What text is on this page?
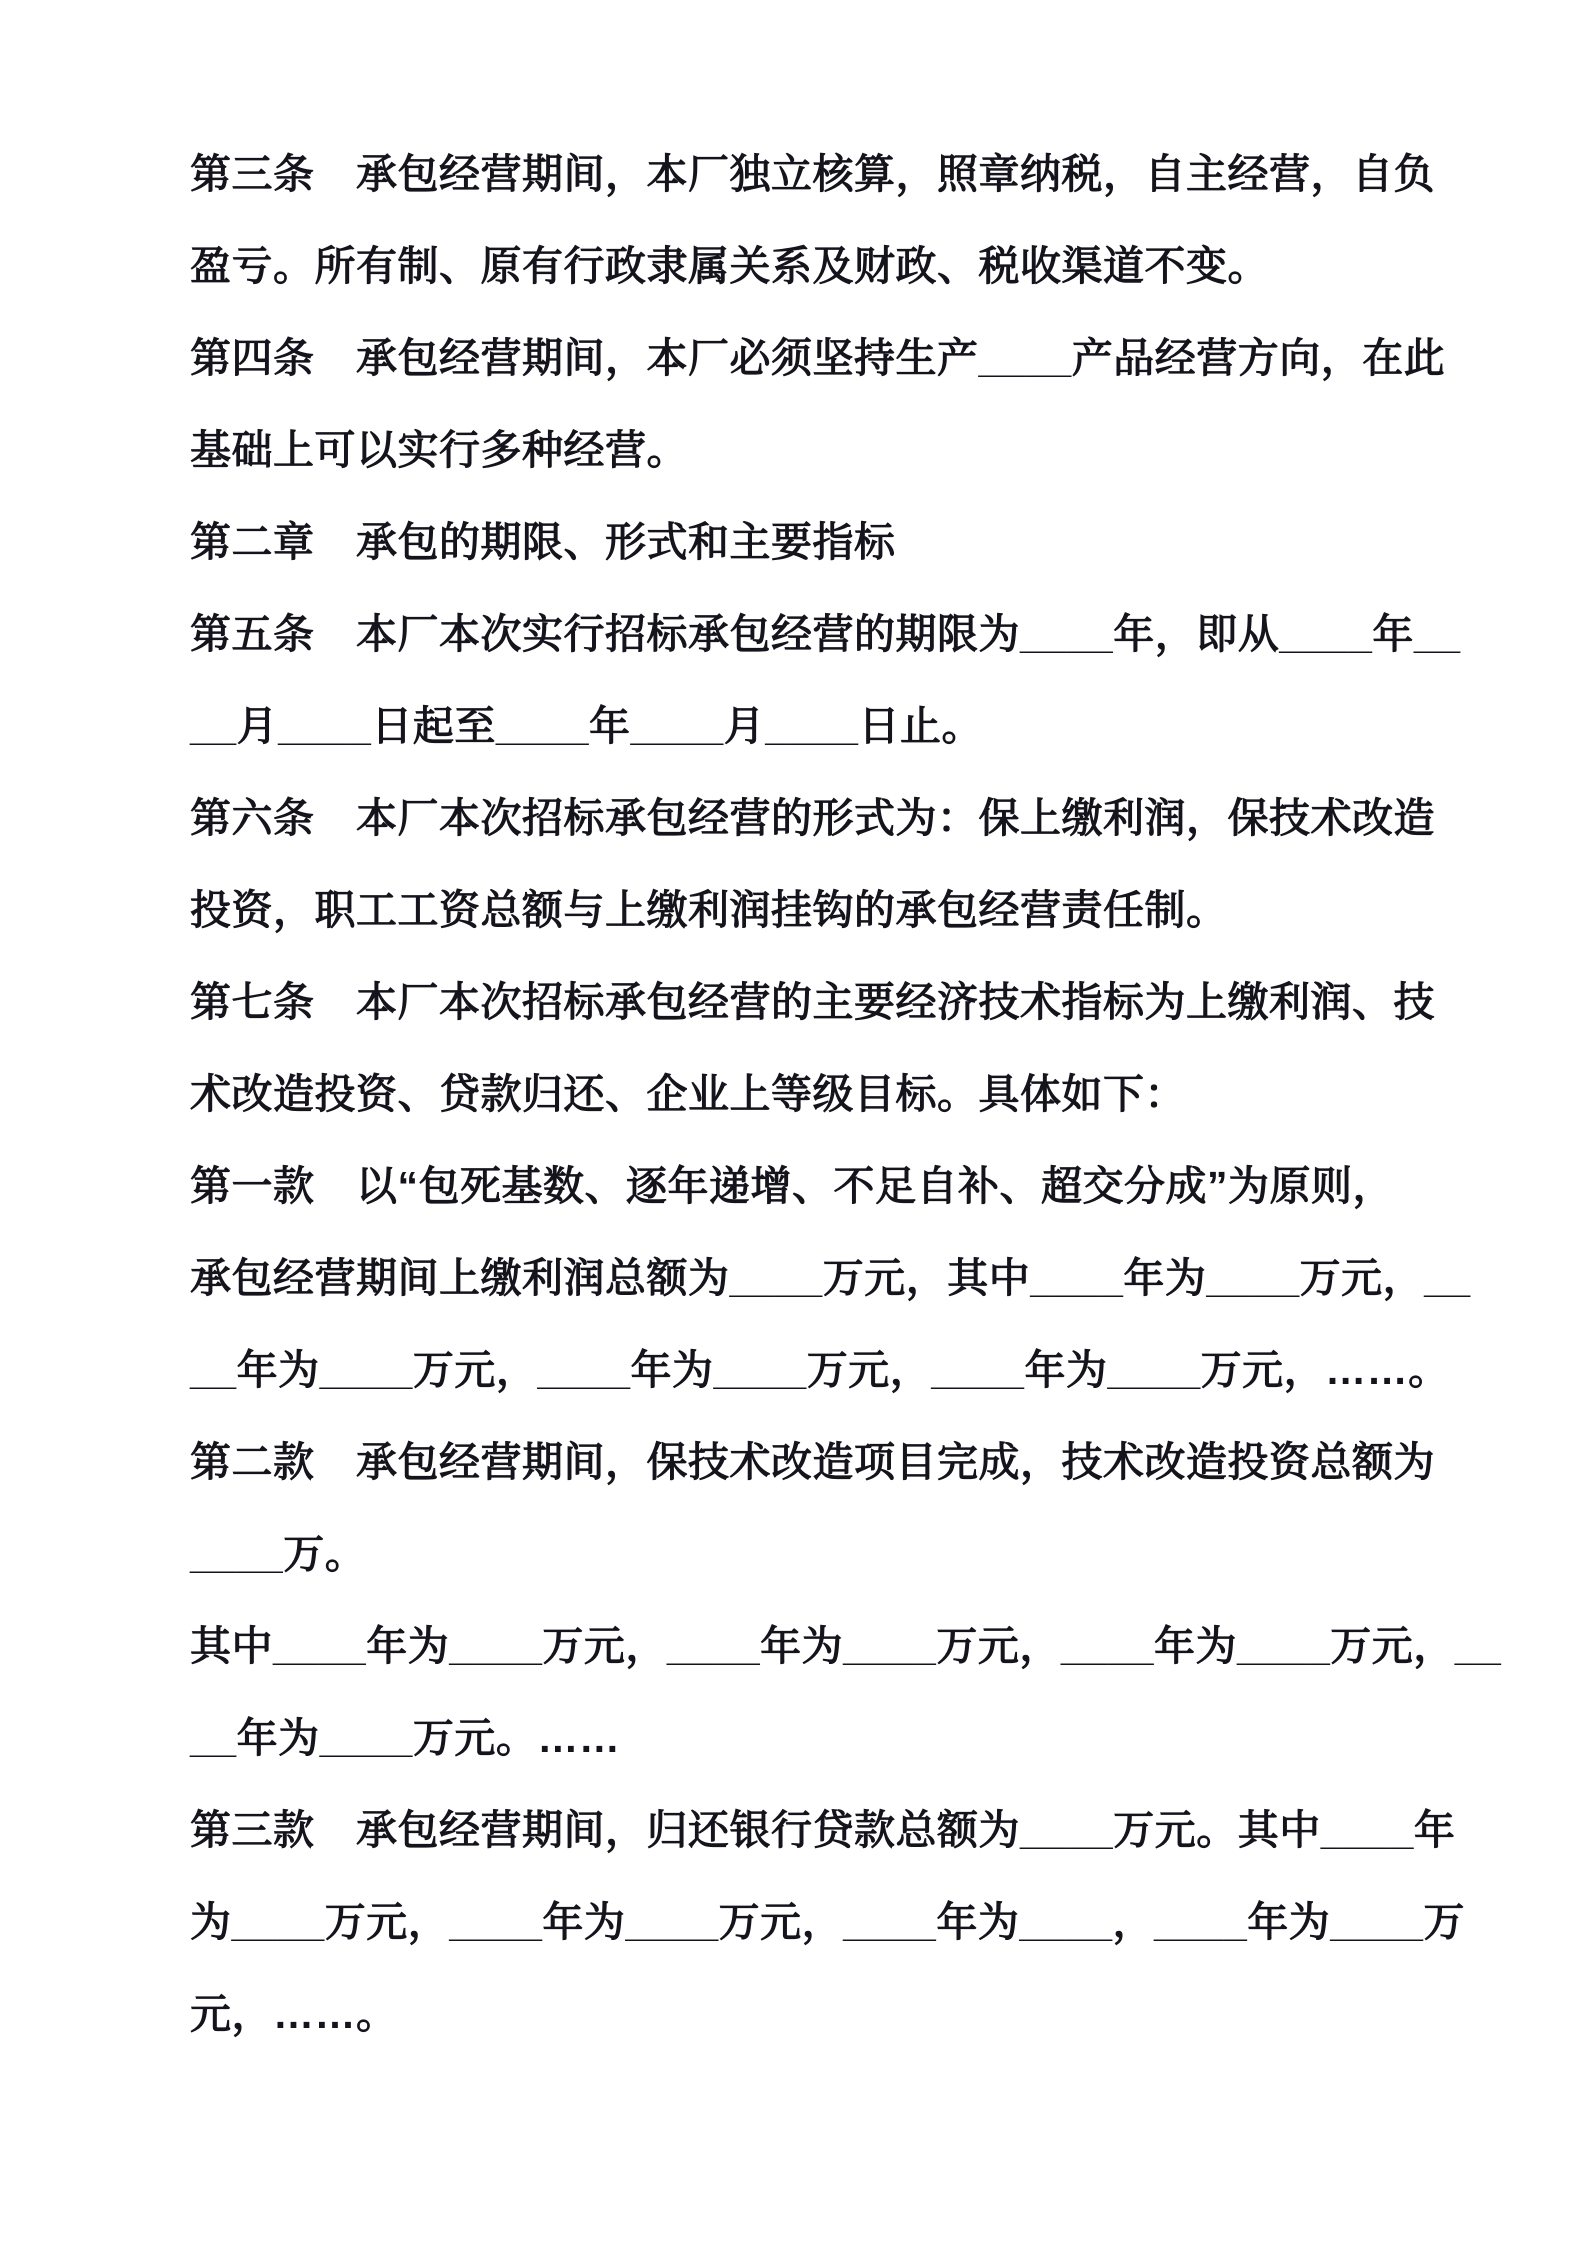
第三条　承包经营期间，本厂独立核算，照章纳税，自主经营，自负
盈亏。所有制、原有行政隶属关系及财政、税收渠道不变。
第四条　承包经营期间，本厂必须坚持生产____产品经营方向，在此
基础上可以实行多种经营。
第二章　承包的期限、形式和主要指标
第五条　本厂本次实行招标承包经营的期限为____年，即从____年__
__月____日起至____年____月____日止。
第六条　本厂本次招标承包经营的形式为：保上缴利润，保技术改造
投资，职工工资总额与上缴利润挂钩的承包经营责任制。
第七条　本厂本次招标承包经营的主要经济技术指标为上缴利润、技
术改造投资、贷款归还、企业上等级目标。具体如下：
第一款　以“包死基数、逐年递增、不足自补、超交分成”为原则，
承包经营期间上缴利润总额为____万元，其中____年为____万元，__
__年为____万元，____年为____万元，____年为____万元，……。
第二款　承包经营期间，保技术改造项目完成，技术改造投资总额为
____万。
其中____年为____万元，____年为____万元，____年为____万元，__
__年为____万元。……
第三款　承包经营期间，归还银行贷款总额为____万元。其中____年
为____万元，____年为____万元，____年为____，____年为____万
元，……。
